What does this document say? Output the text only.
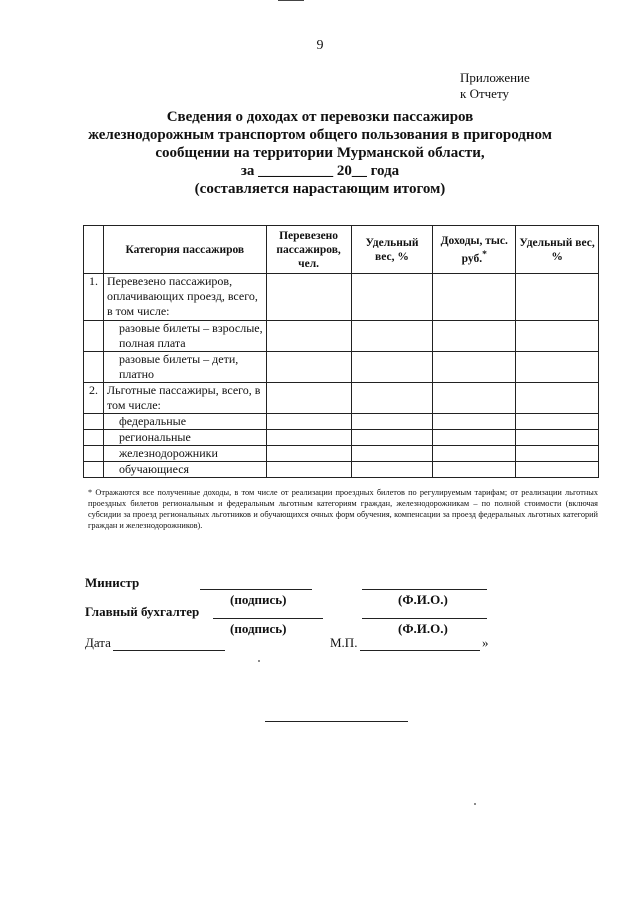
9
Приложение
к Отчету
Сведения о доходах от перевозки пассажиров
железнодорожным транспортом общего пользования в пригородном
сообщении на территории Мурманской области,
за __________ 20__ года
(составляется нарастающим итогом)
	Категория пассажиров	Перевезено пассажиров, чел.	Удельный вес, %	Доходы, тыс. руб.*	Удельный вес, %
1.	Перевезено пассажиров, оплачивающих проезд, всего, в том числе:				
	разовые билеты – взрослые, полная плата				
	разовые билеты – дети, платно				
2.	Льготные пассажиры, всего, в том числе:				
	федеральные				
	региональные				
	железнодорожники				
	обучающиеся				
* Отражаются все полученные доходы, в том числе от реализации проездных билетов по регулируемым тарифам; от реализации льготных проездных билетов региональным и федеральным льготным категориям граждан, железнодорожникам – по полной стоимости (включая субсидии за проезд региональных льготников и обучающихся очных форм обучения, компенсации за проезд федеральных льготных категорий граждан и железнодорожников).
Министр
(подпись)	(Ф.И.О.)
Главный бухгалтер
(подпись)	(Ф.И.О.)
Дата	М.П.	»
